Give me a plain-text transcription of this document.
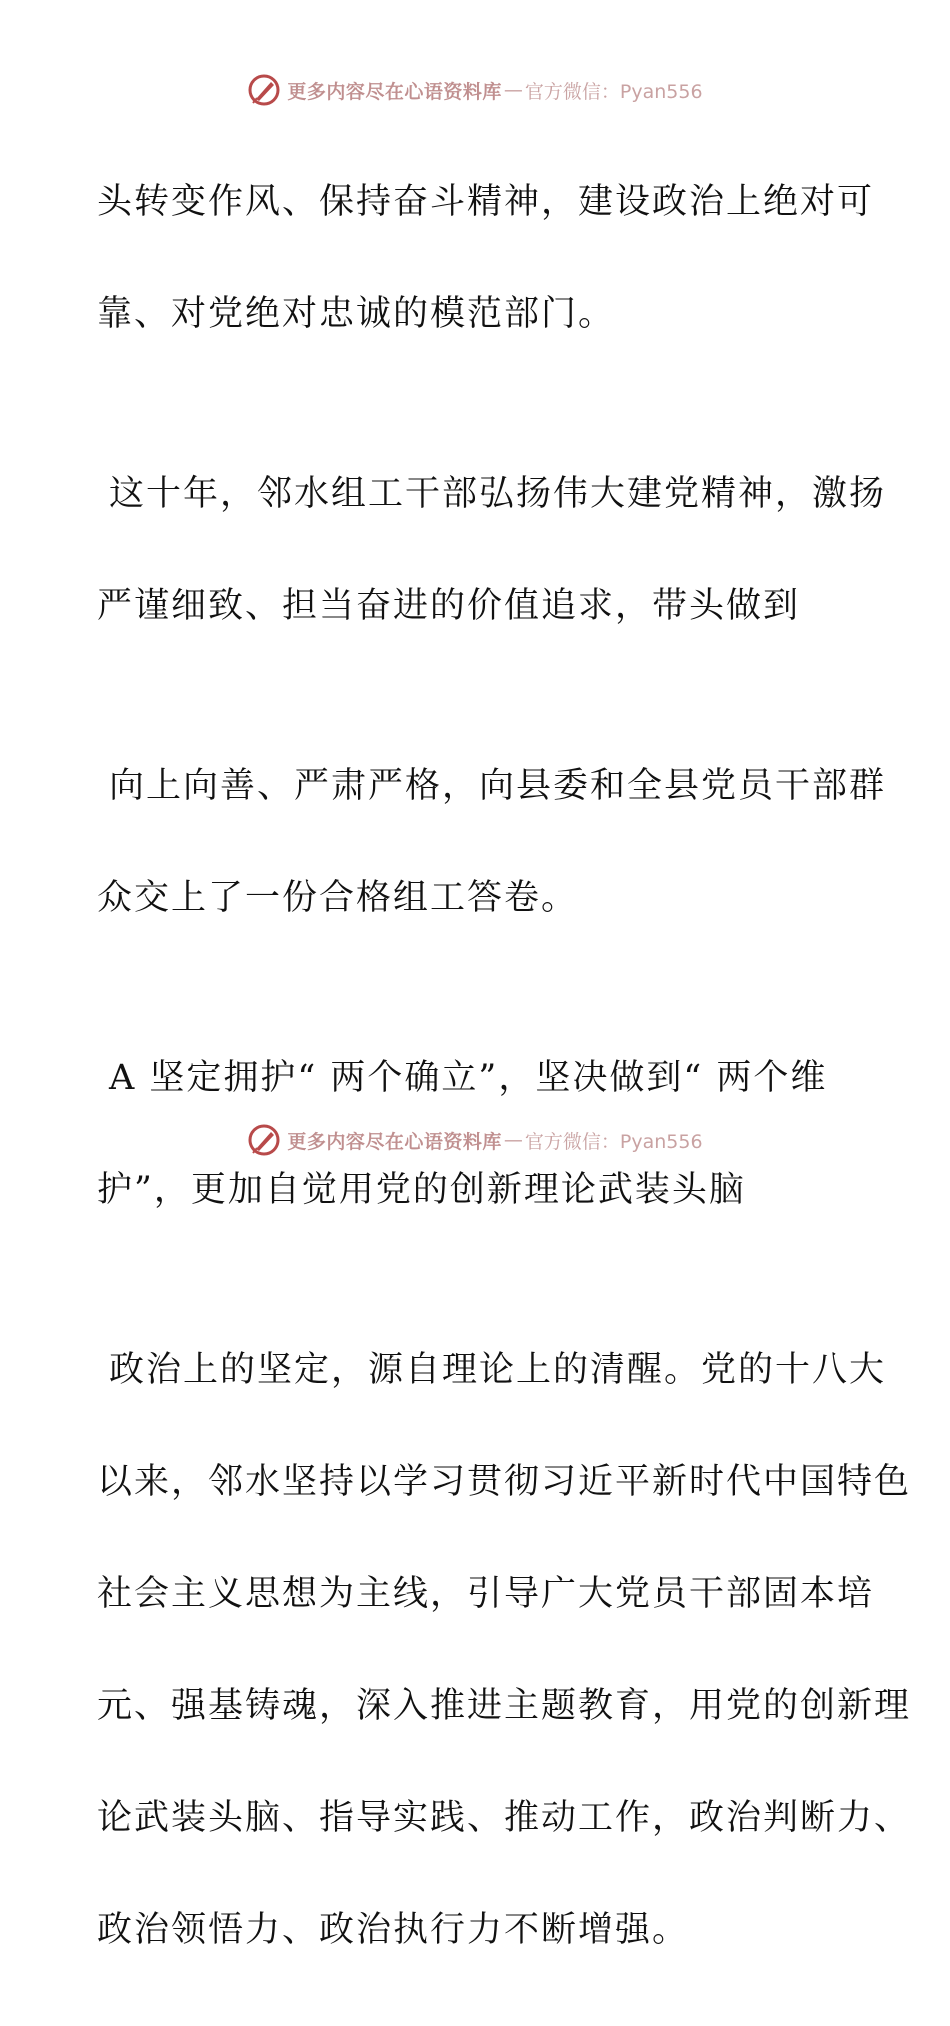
更多内容尽在心语资料库 — 官方微信：Pyan556

头转变作风、保持奋斗精神，建设政治上绝对可

靠、对党绝对忠诚的模范部门。

这十年，邻水组工干部弘扬伟大建党精神，激扬

严谨细致、担当奋进的价值追求，带头做到

向上向善、严肃严格，向县委和全县党员干部群

众交上了一份合格组工答卷。

A 坚定拥护“ 两个确立”，坚决做到“ 两个维

护”，更加自觉用党的创新理论武装头脑

政治上的坚定，源自理论上的清醒。党的十八大

以来，邻水坚持以学习贯彻习近平新时代中国特色

社会主义思想为主线，引导广大党员干部固本培

元、强基铸魂，深入推进主题教育，用党的创新理

论武装头脑、指导实践、推动工作，政治判断力、

政治领悟力、政治执行力不断增强。

更多内容尽在心语资料库 — 官方微信：Pyan556
